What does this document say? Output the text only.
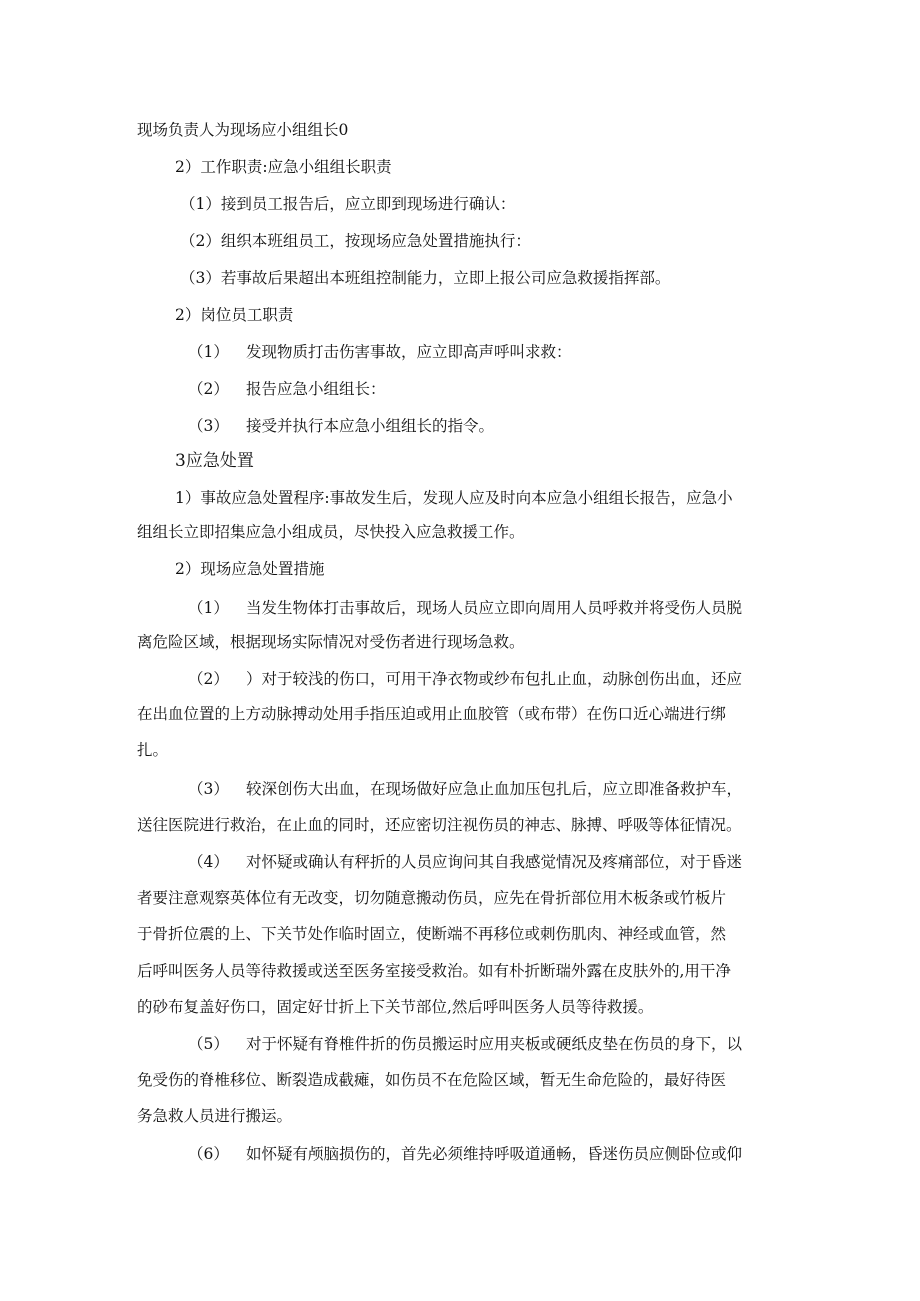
现场负责人为现场应小组组长0
2）工作职责:应急小组组长职责
（1）接到员工报告后，应立即到现场进行确认：
（2）组织本班组员工，按现场应急处置措施执行：
（3）若事故后果超出本班组控制能力，立即上报公司应急救援指挥部。
2）岗位员工职责
（1） 发现物质打击伤害事故，应立即高声呼叫求救：
（2） 报告应急小组组长：
（3） 接受并执行本应急小组组长的指令。
3应急处置
1）事故应急处置程序:事故发生后，发现人应及时向本应急小组组长报告，应急小
组组长立即招集应急小组成员，尽快投入应急救援工作。
2）现场应急处置措施
（1） 当发生物体打击事故后，现场人员应立即向周用人员呼救并将受伤人员脱
离危险区域，根据现场实际情况对受伤者进行现场急救。
（2） ）对于较浅的伤口，可用干净衣物或纱布包扎止血，动脉创伤出血，还应
在出血位置的上方动脉搏动处用手指压迫或用止血胶管（或布带）在伤口近心端进行绑
扎。
（3） 较深创伤大出血，在现场做好应急止血加压包扎后，应立即准备救护车，
送往医院进行救治，在止血的同时，还应密切注视伤员的神志、脉搏、呼吸等体征情况。
（4） 对怀疑或确认有秤折的人员应询问其自我感觉情况及疼痛部位，对于昏迷
者要注意观察英体位有无改变，切勿随意搬动伤员，应先在骨折部位用木板条或竹板片
于骨折位震的上、下关节处作临时固立，使断端不再移位或刺伤肌肉、神经或血管，然
后呼叫医务人员等待救援或送至医务室接受救治。如有朴折断瑞外露在皮肤外的,用干净
的砂布复盖好伤口，固定好廿折上下关节部位,然后呼叫医务人员等待救援。
（5） 对于怀疑有脊椎件折的伤员搬运时应用夹板或硬纸皮垫在伤员的身下，以
免受伤的脊椎移位、断裂造成截瘫，如伤员不在危险区域，暂无生命危险的，最好待医
务急救人员进行搬运。
（6） 如怀疑有颅脑损伤的，首先必须维持呼吸道通畅，昏迷伤员应侧卧位或仰
